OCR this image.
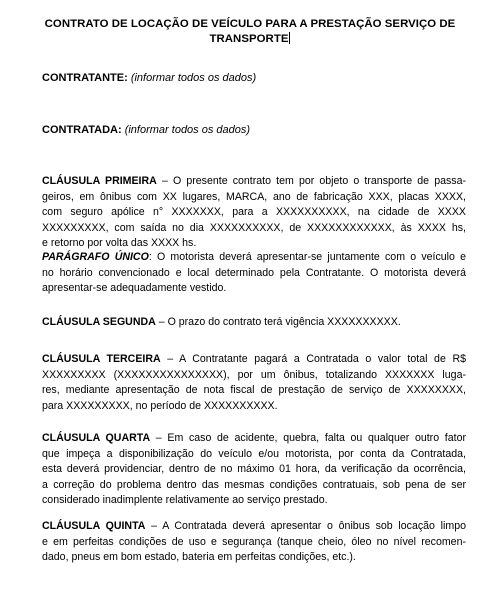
CONTRATO DE LOCAÇÃO DE VEÍCULO PARA A PRESTAÇÃO SERVIÇO DE
TRANSPORTE
CONTRATANTE: (informar todos os dados)
CONTRATADA: (informar todos os dados)
CLÁUSULA PRIMEIRA – O presente contrato tem por objeto o transporte de passa-
geiros, em ônibus com XX lugares, MARCA, ano de fabricação XXX, placas XXXX,
com seguro apólice n° XXXXXXX, para a XXXXXXXXXX, na cidade de XXXX
XXXXXXXXX, com saída no dia XXXXXXXXXX, de XXXXXXXXXXXX, às XXXX hs,
e retorno por volta das XXXX hs.
PARÁGRAFO ÚNICO: O motorista deverá apresentar-se juntamente com o veículo e
no horário convencionado e local determinado pela Contratante. O motorista deverá
apresentar-se adequadamente vestido.
CLÁUSULA SEGUNDA – O prazo do contrato terá vigência XXXXXXXXXX.
CLÁUSULA TERCEIRA – A Contratante pagará a Contratada o valor total de R$
XXXXXXXXX (XXXXXXXXXXXXXXX), por um ônibus, totalizando XXXXXXX luga-
res, mediante apresentação de nota fiscal de prestação de serviço de XXXXXXXX,
para XXXXXXXXX, no período de XXXXXXXXXX.
CLÁUSULA QUARTA – Em caso de acidente, quebra, falta ou qualquer outro fator
que impeça a disponibilização do veículo e/ou motorista, por conta da Contratada,
esta deverá providenciar, dentro de no máximo 01 hora, da verificação da ocorrência,
a correção do problema dentro das mesmas condições contratuais, sob pena de ser
considerado inadimplente relativamente ao serviço prestado.
CLÁUSULA QUINTA – A Contratada deverá apresentar o ônibus sob locação limpo
e em perfeitas condições de uso e segurança (tanque cheio, óleo no nível recomen-
dado, pneus em bom estado, bateria em perfeitas condições, etc.).
